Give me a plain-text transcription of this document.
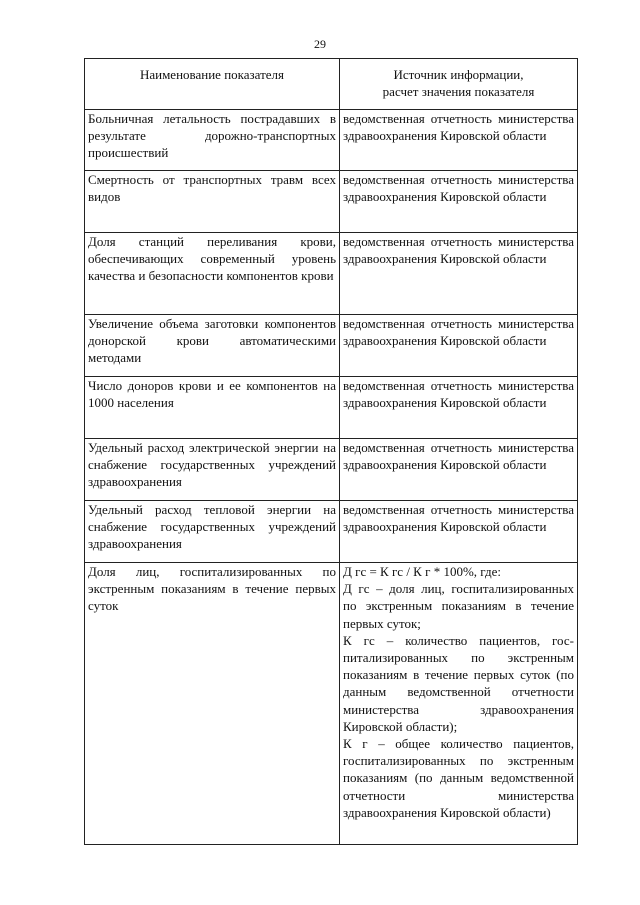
29
Наименование показателя	Источник информации,
расчет значения показателя
Больничная летальность пострадавших в результате дорожно-транспортных происшествий	ведомственная отчетность министерства здравоохранения Кировской области
Смертность от транспортных травм всех видов	ведомственная отчетность министерства здравоохранения Кировской области
Доля станций переливания крови, обеспечивающих современный уровень качества и безопасности компонентов крови	ведомственная отчетность министерства здравоохранения Кировской области
Увеличение объема заготовки компонентов донорской крови автоматическими методами	ведомственная отчетность министерства здравоохранения Кировской области
Число доноров крови и ее компонентов на 1000 населения	ведомственная отчетность министерства здравоохранения Кировской области
Удельный расход электрической энергии на снабжение государственных учреждений здравоохранения	ведомственная отчетность министерства здравоохранения Кировской области
Удельный расход тепловой энергии на снабжение государственных учреждений здравоохранения	ведомственная отчетность министерства здравоохранения Кировской области
Доля лиц, госпитализированных по экстренным показаниям в течение первых суток	Д гс = К гс / К г * 100%, где:
Д гс – доля лиц, госпитализированных по экстренным показаниям в течение первых суток;
К гс – количество пациентов, госпитализированных по экстренным показаниям в течение первых суток (по данным ведомственной отчетности министерства здравоохранения Кировской области);
К г – общее количество пациентов, госпитализированных по экстренным показаниям (по данным ведомственной отчетности министерства здравоохранения Кировской области)
